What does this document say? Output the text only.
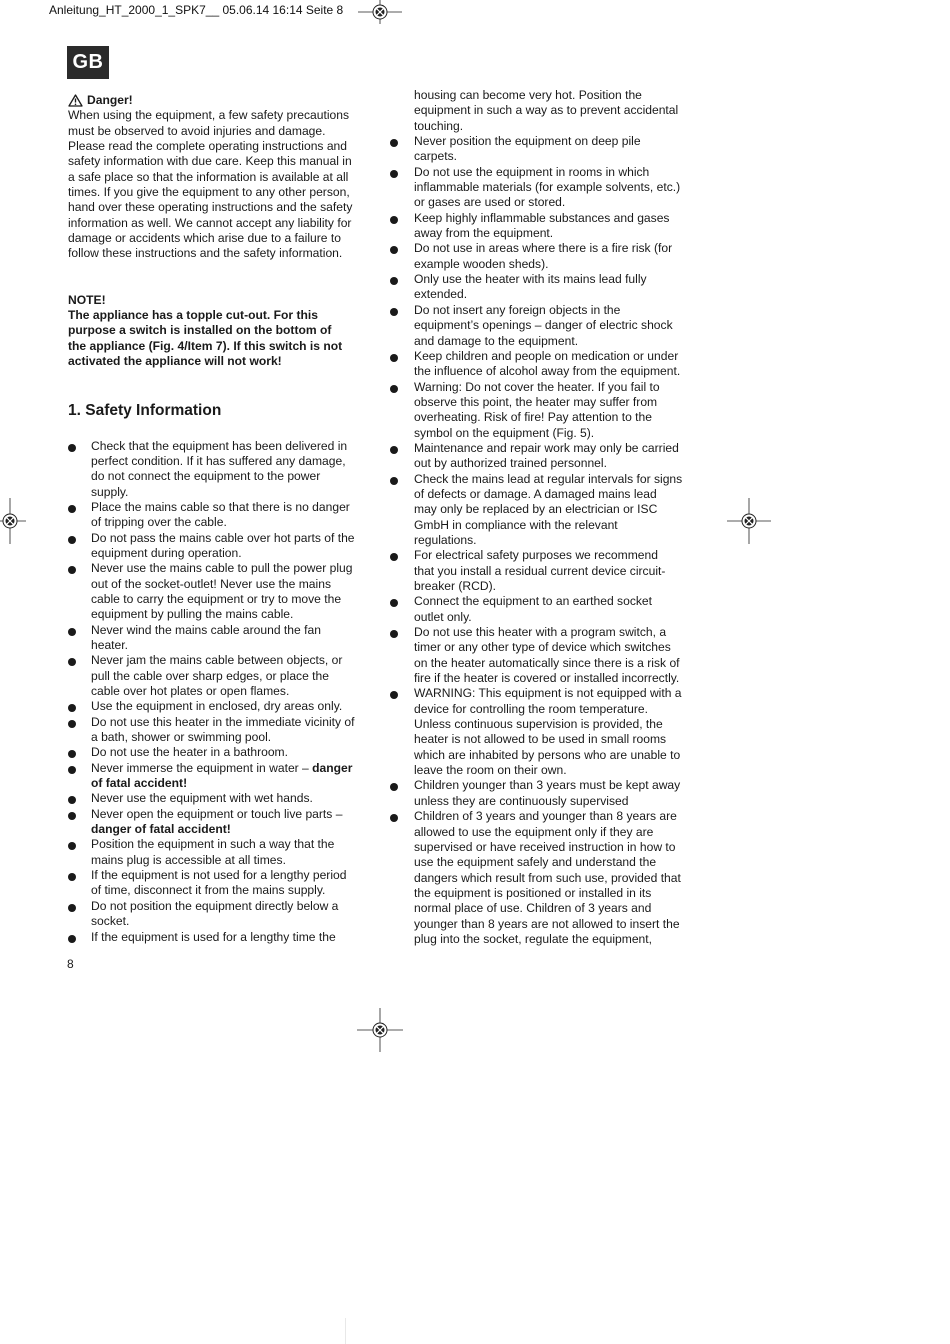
Anleitung_HT_2000_1_SPK7__ 05.06.14 16:14 Seite 8
GB
Danger!
When using the equipment, a few safety precautions
must be observed to avoid injuries and damage.
Please read the complete operating instructions and
safety information with due care. Keep this manual in
a safe place so that the information is available at all
times. If you give the equipment to any other person,
hand over these operating instructions and the safety
information as well. We cannot accept any liability for
damage or accidents which arise due to a failure to
follow these instructions and the safety information.
NOTE!
The appliance has a topple cut-out. For this
purpose a switch is installed on the bottom of
the appliance (Fig. 4/Item 7). If this switch is not
activated the appliance will not work!
1. Safety Information
Check that the equipment has been delivered in
perfect condition. If it has suffered any damage,
do not connect the equipment to the power
supply.
Place the mains cable so that there is no danger
of tripping over the cable.
Do not pass the mains cable over hot parts of the
equipment during operation.
Never use the mains cable to pull the power plug
out of the socket-outlet! Never use the mains
cable to carry the equipment or try to move the
equipment by pulling the mains cable.
Never wind the mains cable around the fan
heater.
Never jam the mains cable between objects, or
pull the cable over sharp edges, or place the
cable over hot plates or open flames.
Use the equipment in enclosed, dry areas only.
Do not use this heater in the immediate vicinity of
a bath, shower or swimming pool.
Do not use the heater in a bathroom.
Never immerse the equipment in water – danger
of fatal accident!
Never use the equipment with wet hands.
Never open the equipment or touch live parts –
danger of fatal accident!
Position the equipment in such a way that the
mains plug is accessible at all times.
If the equipment is not used for a lengthy period
of time, disconnect it from the mains supply.
Do not position the equipment directly below a
socket.
If the equipment is used for a lengthy time the
housing can become very hot. Position the
equipment in such a way as to prevent accidental
touching.
Never position the equipment on deep pile
carpets.
Do not use the equipment in rooms in which
inflammable materials (for example solvents, etc.)
or gases are used or stored.
Keep highly inflammable substances and gases
away from the equipment.
Do not use in areas where there is a fire risk (for
example wooden sheds).
Only use the heater with its mains lead fully
extended.
Do not insert any foreign objects in the
equipment’s openings – danger of electric shock
and damage to the equipment.
Keep children and people on medication or under
the influence of alcohol away from the equipment.
Warning: Do not cover the heater. If you fail to
observe this point, the heater may suffer from
overheating. Risk of fire! Pay attention to the
symbol on the equipment (Fig. 5).
Maintenance and repair work may only be carried
out by authorized trained personnel.
Check the mains lead at regular intervals for signs
of defects or damage. A damaged mains lead
may only be replaced by an electrician or ISC
GmbH in compliance with the relevant
regulations.
For electrical safety purposes we recommend
that you install a residual current device circuit-
breaker (RCD).
Connect the equipment to an earthed socket
outlet only.
Do not use this heater with a program switch, a
timer or any other type of device which switches
on the heater automatically since there is a risk of
fire if the heater is covered or installed incorrectly.
WARNING: This equipment is not equipped with a
device for controlling the room temperature.
Unless continuous supervision is provided, the
heater is not allowed to be used in small rooms
which are inhabited by persons who are unable to
leave the room on their own.
Children younger than 3 years must be kept away
unless they are continuously supervised
Children of 3 years and younger than 8 years are
allowed to use the equipment only if they are
supervised or have received instruction in how to
use the equipment safely and understand the
dangers which result from such use, provided that
the equipment is positioned or installed in its
normal place of use. Children of 3 years and
younger than 8 years are not allowed to insert the
plug into the socket, regulate the equipment,
8
